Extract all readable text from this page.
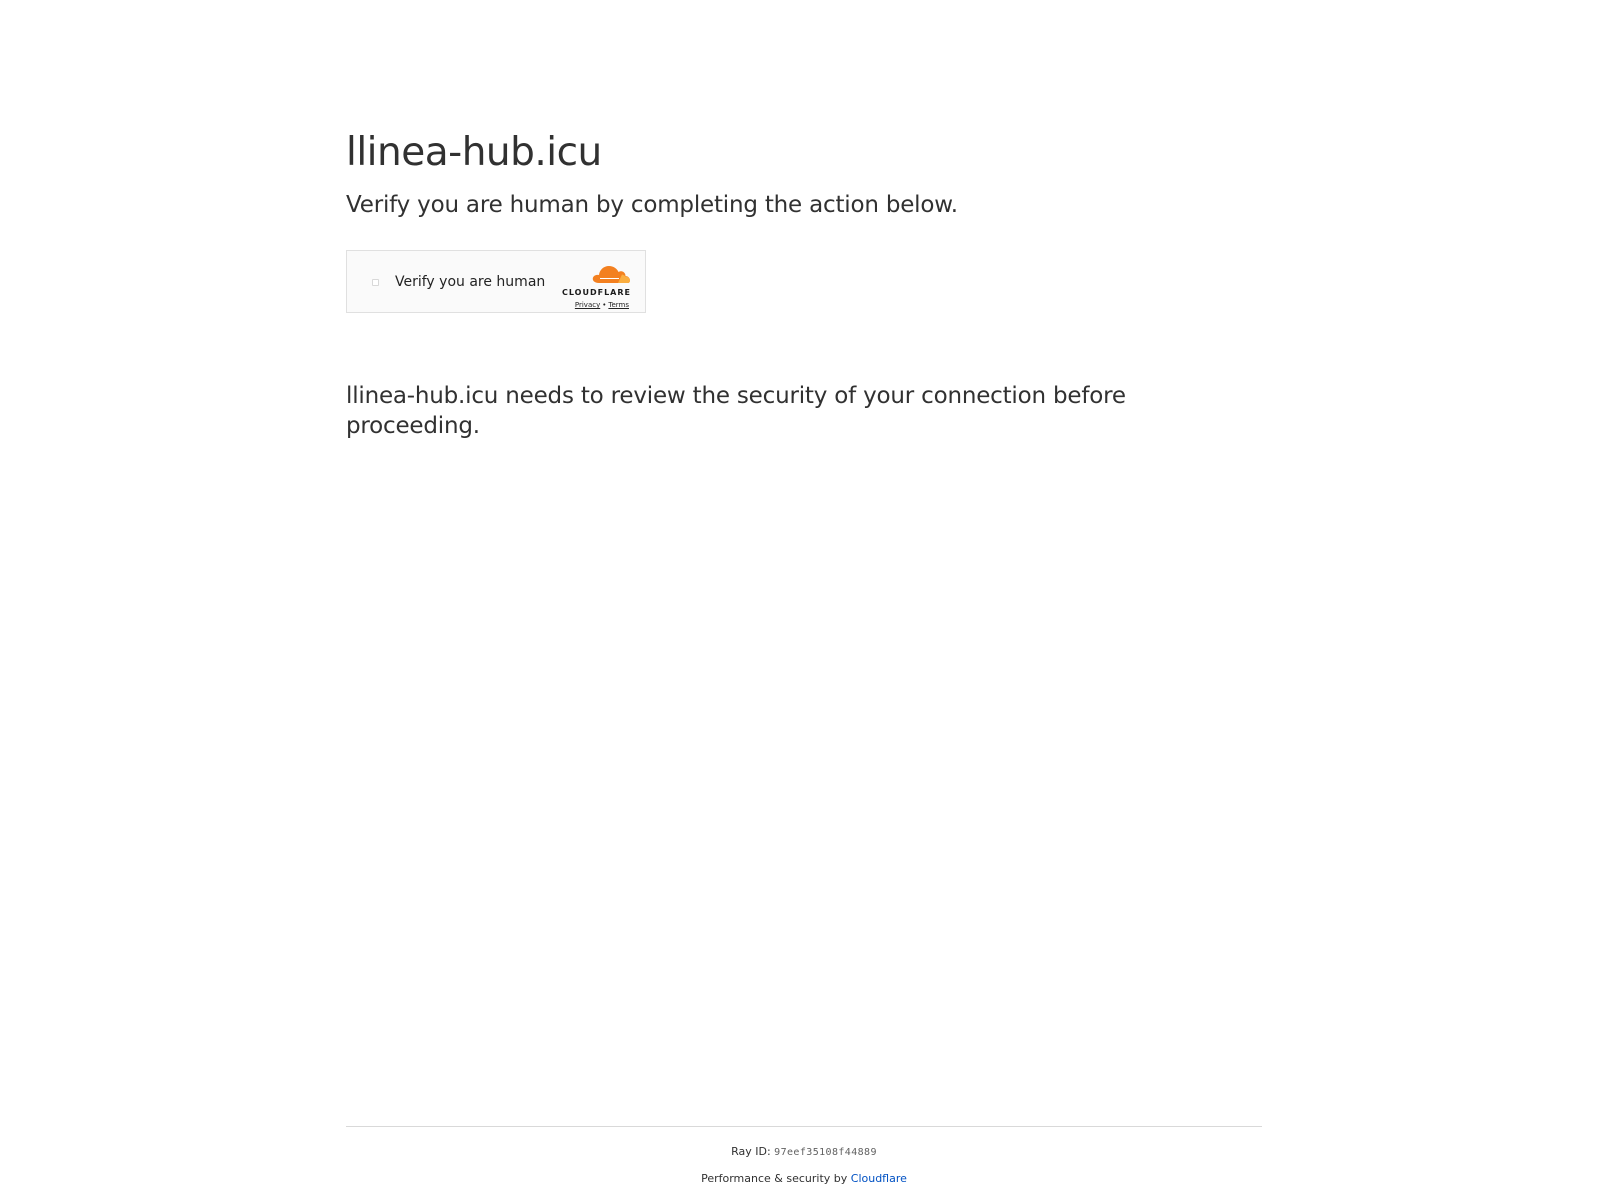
llinea-hub.icu
Verify you are human by completing the action below.
Verify you are human
CLOUDFLARE
Privacy • Terms
llinea-hub.icu needs to review the security of your connection before proceeding.
Ray ID: 97eef35108f44889
Performance & security by Cloudflare
